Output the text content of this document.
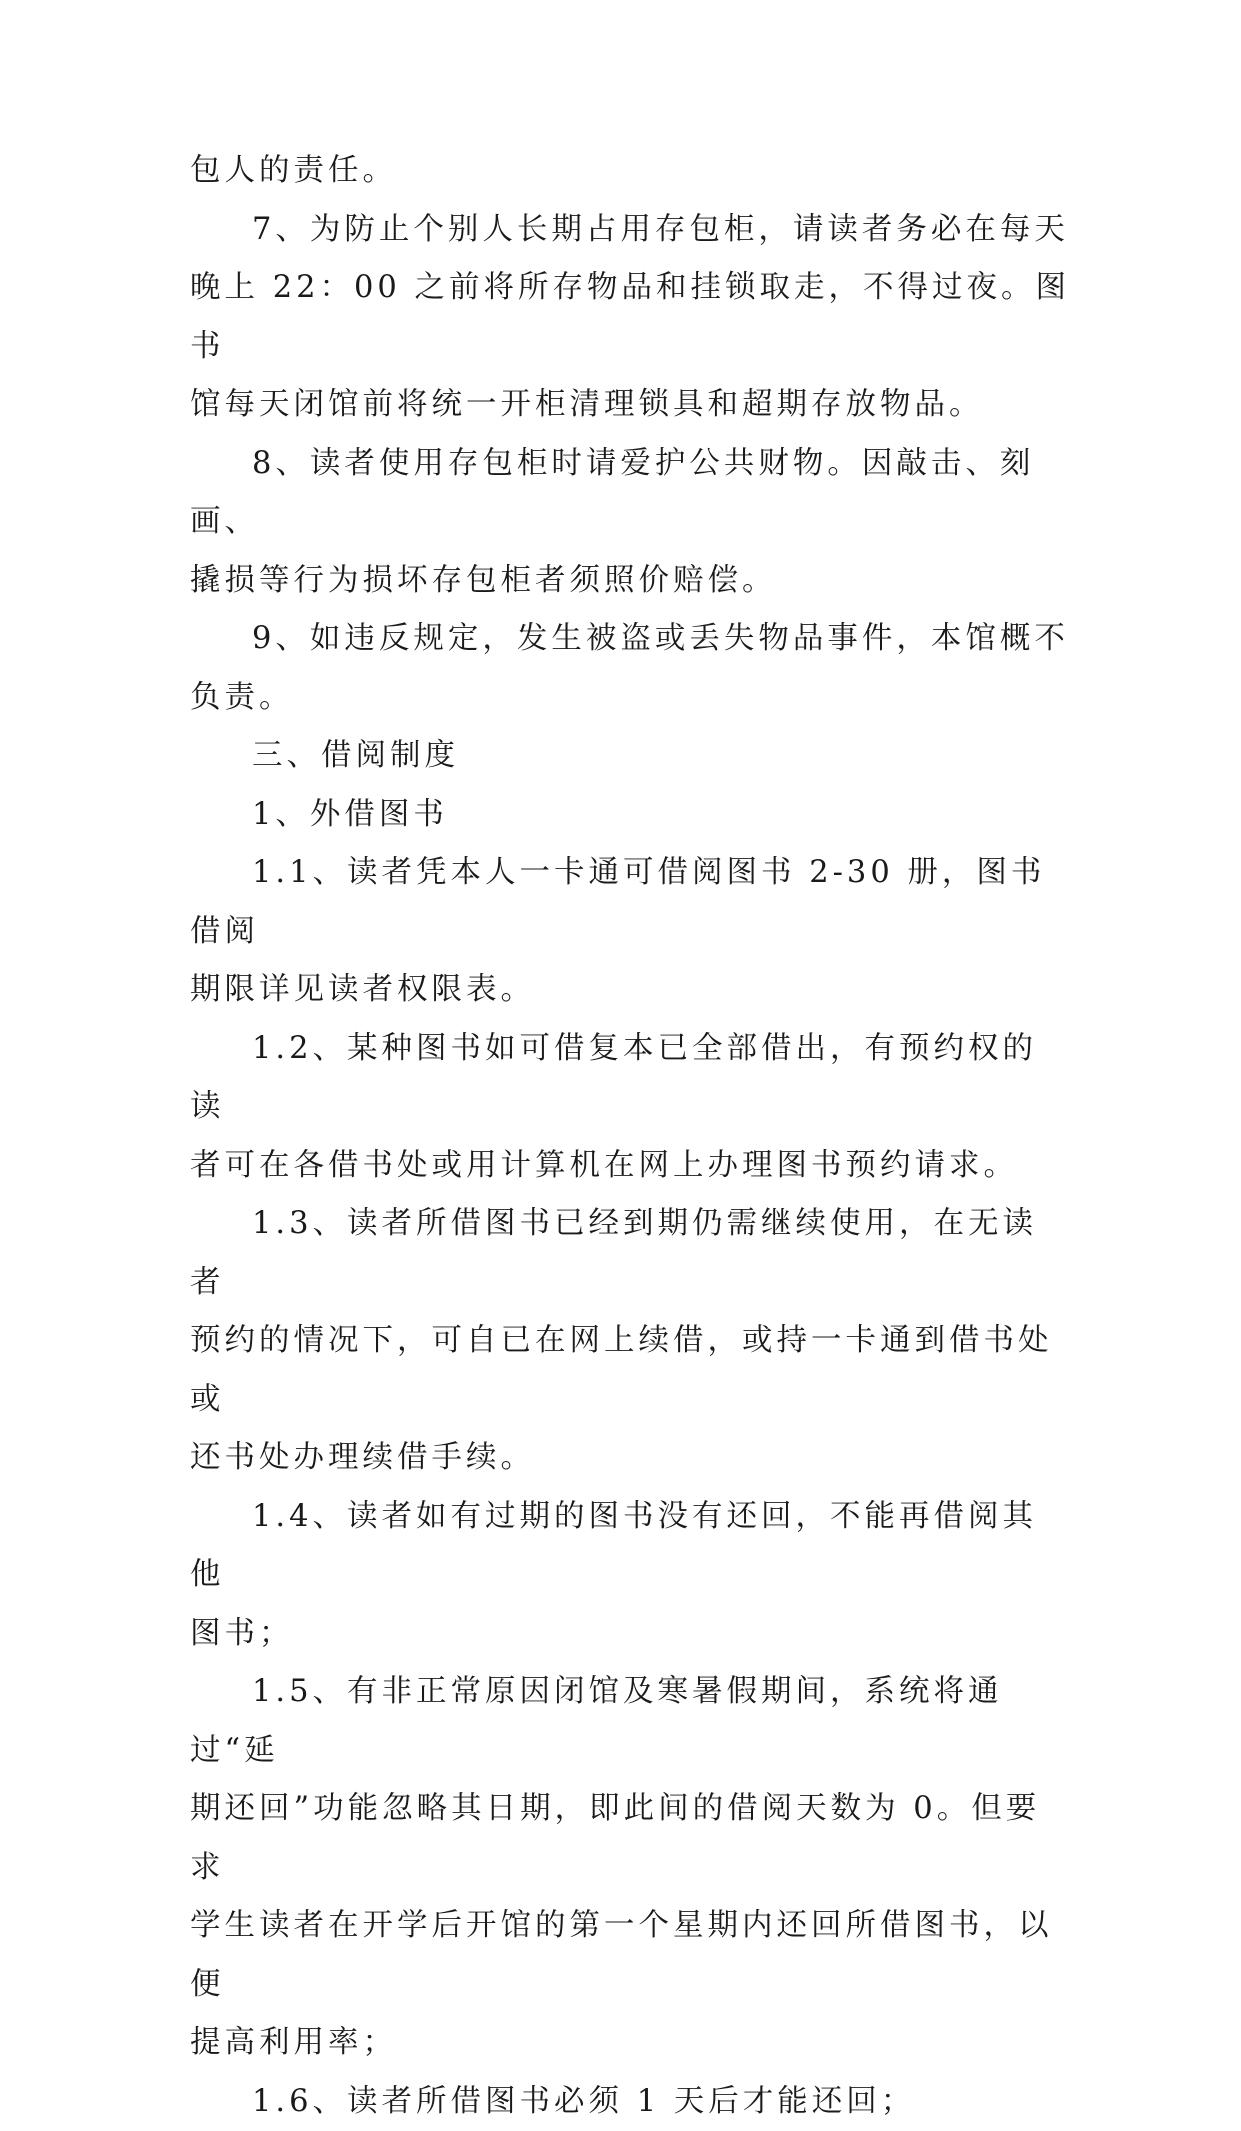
包人的责任。

7、为防止个别人长期占用存包柜，请读者务必在每天
晚上 22：00 之前将所存物品和挂锁取走，不得过夜。图书
馆每天闭馆前将统一开柜清理锁具和超期存放物品。

8、读者使用存包柜时请爱护公共财物。因敲击、刻画、
撬损等行为损坏存包柜者须照价赔偿。

9、如违反规定，发生被盗或丢失物品事件，本馆概不
负责。

三、借阅制度

1、外借图书

1.1、读者凭本人一卡通可借阅图书 2-30 册，图书借阅
期限详见读者权限表。

1.2、某种图书如可借复本已全部借出，有预约权的读
者可在各借书处或用计算机在网上办理图书预约请求。

1.3、读者所借图书已经到期仍需继续使用，在无读者
预约的情况下，可自已在网上续借，或持一卡通到借书处或
还书处办理续借手续。

1.4、读者如有过期的图书没有还回，不能再借阅其他
图书；

1.5、有非正常原因闭馆及寒暑假期间，系统将通过“延
期还回”功能忽略其日期，即此间的借阅天数为 0。但要求
学生读者在开学后开馆的第一个星期内还回所借图书，以便
提高利用率；

1.6、读者所借图书必须 1 天后才能还回；
